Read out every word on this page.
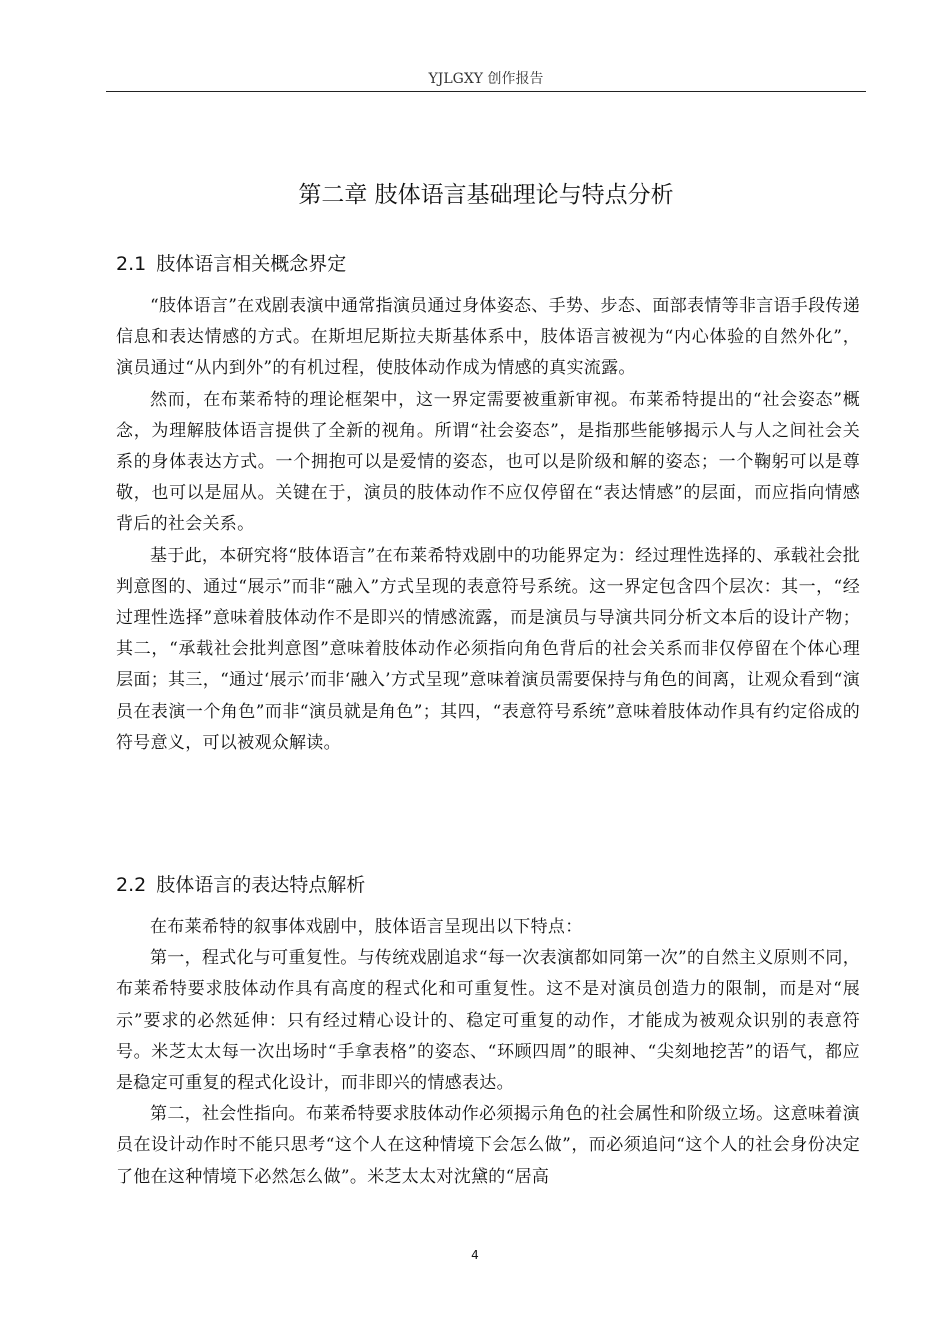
YJLGXY 创作报告
第二章 肢体语言基础理论与特点分析
2.1 肢体语言相关概念界定

“肢体语言”在戏剧表演中通常指演员通过身体姿态、手势、步态、面部表情等非言语手段传递信息和表达情感的方式。在斯坦尼斯拉夫斯基体系中，肢体语言被视为“内心体验的自然外化”，演员通过“从内到外”的有机过程，使肢体动作成为情感的真实流露。

然而，在布莱希特的理论框架中，这一界定需要被重新审视。布莱希特提出的“社会姿态”概念，为理解肢体语言提供了全新的视角。所谓“社会姿态”，是指那些能够揭示人与人之间社会关系的身体表达方式。一个拥抱可以是爱情的姿态，也可以是阶级和解的姿态；一个鞠躬可以是尊敬，也可以是屈从。关键在于，演员的肢体动作不应仅停留在“表达情感”的层面，而应指向情感背后的社会关系。

基于此，本研究将“肢体语言”在布莱希特戏剧中的功能界定为：经过理性选择的、承载社会批判意图的、通过“展示”而非“融入”方式呈现的表意符号系统。这一界定包含四个层次：其一，“经过理性选择”意味着肢体动作不是即兴的情感流露，而是演员与导演共同分析文本后的设计产物；其二，“承载社会批判意图”意味着肢体动作必须指向角色背后的社会关系而非仅停留在个体心理层面；其三，“通过‘展示’而非‘融入’方式呈现”意味着演员需要保持与角色的间离，让观众看到“演员在表演一个角色”而非“演员就是角色”；其四，“表意符号系统”意味着肢体动作具有约定俗成的符号意义，可以被观众解读。

2.2 肢体语言的表达特点解析

在布莱希特的叙事体戏剧中，肢体语言呈现出以下特点：

第一，程式化与可重复性。与传统戏剧追求“每一次表演都如同第一次”的自然主义原则不同，布莱希特要求肢体动作具有高度的程式化和可重复性。这不是对演员创造力的限制，而是对“展示”要求的必然延伸：只有经过精心设计的、稳定可重复的动作，才能成为被观众识别的表意符号。米芝太太每一次出场时“手拿表格”的姿态、“环顾四周”的眼神、“尖刻地挖苦”的语气，都应是稳定可重复的程式化设计，而非即兴的情感表达。

第二，社会性指向。布莱希特要求肢体动作必须揭示角色的社会属性和阶级立场。这意味着演员在设计动作时不能只思考“这个人在这种情境下会怎么做”，而必须追问“这个人的社会身份决定了他在这种情境下必然怎么做”。米芝太太对沈黛的“居高

4
